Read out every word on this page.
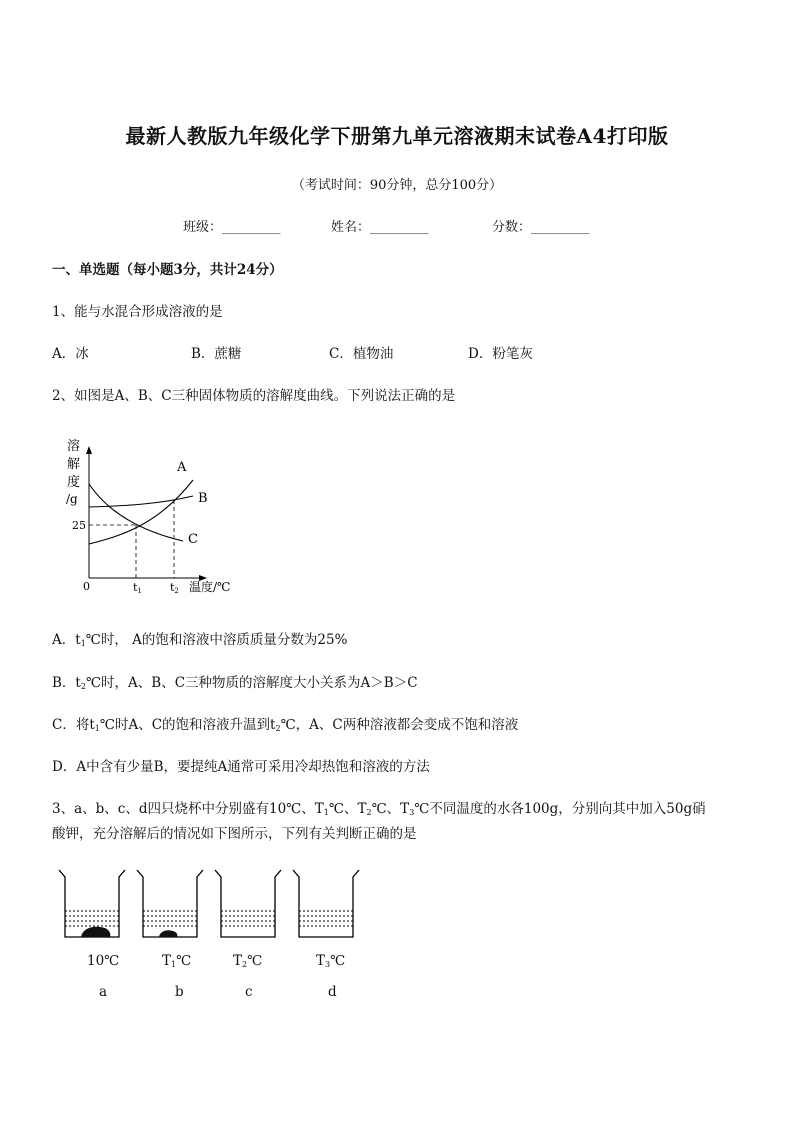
最新人教版九年级化学下册第九单元溶液期末试卷A4打印版
（考试时间：90分钟，总分100分）
班级：_________	姓名：_________	分数：_________
一、单选题（每小题3分，共计24分）
1、能与水混合形成溶液的是
A．冰	B．蔗糖	C．植物油	D．粉笔灰
2、如图是A、B、C三种固体物质的溶解度曲线。下列说法正确的是
溶
解
度
/g
A
B
C
25
0	t1	t2 温度/℃
A．$t_1℃$时， A的饱和溶液中溶质质量分数为25%
B．$t_2℃$时，A、B、C三种物质的溶解度大小关系为A＞B＞C
C．将$t_1℃$时A、C的饱和溶液升温到$t_2℃$，A、C两种溶液都会变成不饱和溶液
D．A中含有少量B，要提纯A通常可采用冷却热饱和溶液的方法
3、a、b、c、d四只烧杯中分别盛有10℃、$T_1℃$、$T_2℃$、$T_3℃$不同温度的水各100g，分别向其中加入50g硝
酸钾，充分溶解后的情况如下图所示，下列有关判断正确的是
10℃	$T_1℃$	$T_2℃$	$T_3℃$
a	b	c	d
